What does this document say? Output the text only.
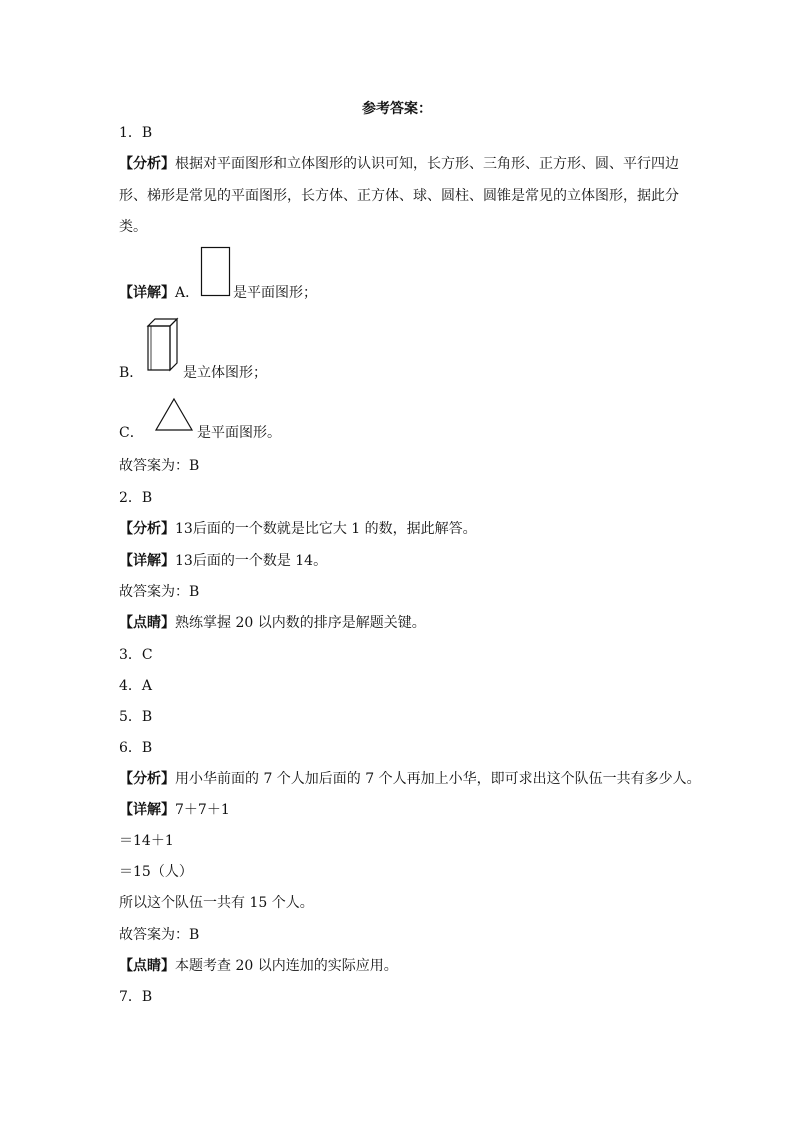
参考答案：
1．B
【分析】根据对平面图形和立体图形的认识可知，长方形、三角形、正方形、圆、平行四边
形、梯形是常见的平面图形，长方体、正方体、球、圆柱、圆锥是常见的立体图形，据此分
类。
【详解】A． 是平面图形；
B．	是立体图形；
C．	是平面图形。
故答案为：B
2．B
【分析】13后面的一个数就是比它大 1 的数，据此解答。
【详解】13后面的一个数是 14。
故答案为：B
【点睛】熟练掌握 20 以内数的排序是解题关键。
3．C
4．A
5．B
6．B
【分析】用小华前面的 7 个人加后面的 7 个人再加上小华，即可求出这个队伍一共有多少人。
【详解】7＋7＋1
＝14＋1
＝15（人）
所以这个队伍一共有 15 个人。
故答案为：B
【点睛】本题考查 20 以内连加的实际应用。
7．B
